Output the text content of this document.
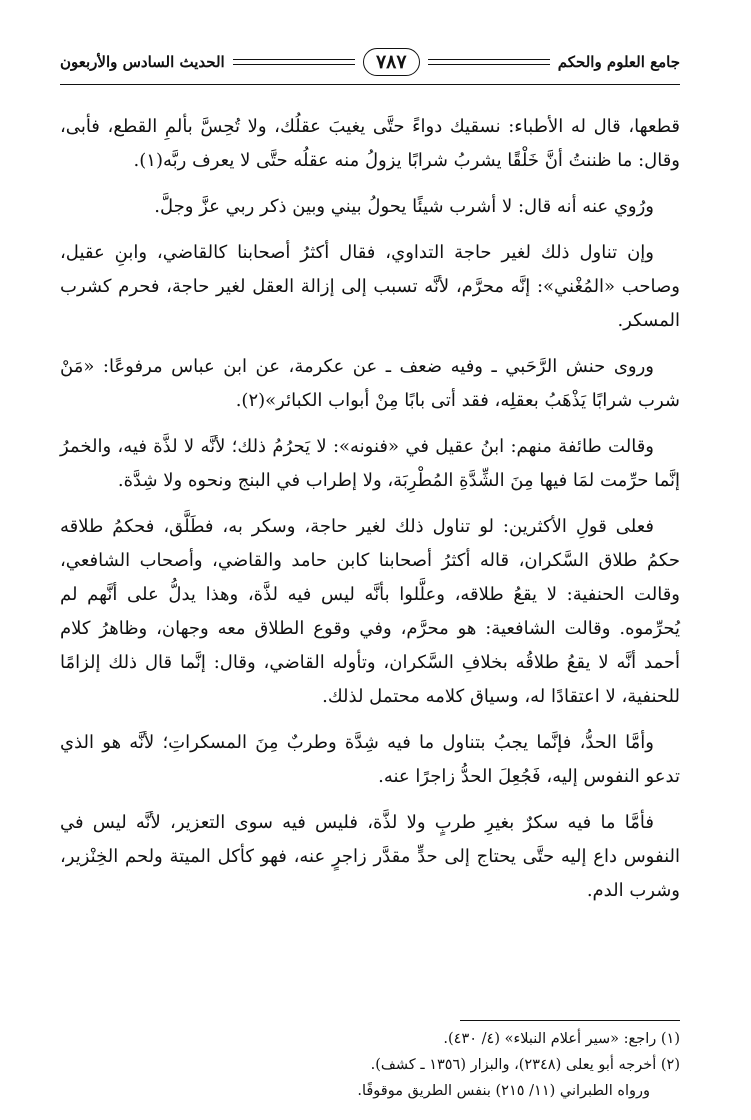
جامع العلوم والحكم
٧٨٧
الحديث السادس والأربعون

قطعها، قال له الأطباء: نسقيك دواءً حتَّى يغيبَ عقلُك، ولا تُحِسَّ بألمِ القطع، فأبى، وقال: ما ظننتُ أنَّ خَلْقًا يشربُ شرابًا يزولُ منه عقلُه حتَّى لا يعرف ربَّه(١).

ورُوي عنه أنه قال: لا أشرب شيئًا يحولُ بيني وبين ذكر ربي عزَّ وجلَّ.

وإن تناول ذلك لغير حاجة التداوي، فقال أكثرُ أصحابنا كالقاضي، وابنِ عقيل، وصاحب «المُغْني»: إنَّه محرَّم، لأنَّه تسبب إلى إزالة العقل لغير حاجة، فحرم كشرب المسكر.

وروى حنش الرَّحَبي ـ وفيه ضعف ـ عن عكرمة، عن ابن عباس مرفوعًا: «مَنْ شرب شرابًا يَذْهَبُ بعقلِه، فقد أتى بابًا مِنْ أبواب الكبائر»(٢).

وقالت طائفة منهم: ابنُ عقيل في «فنونه»: لا يَحرُمُ ذلك؛ لأنَّه لا لذَّة فيه، والخمرُ إنَّما حرِّمت لمَا فيها مِنَ الشِّدَّةِ المُطْرِبَة، ولا إطراب في البنج ونحوه ولا شِدَّة.

فعلى قولِ الأكثرين: لو تناول ذلك لغير حاجة، وسكر به، فطَلَّق، فحكمُ طلاقه حكمُ طلاق السَّكران، قاله أكثرُ أصحابنا كابن حامد والقاضي، وأصحاب الشافعي، وقالت الحنفية: لا يقعُ طلاقه، وعلَّلوا بأنَّه ليس فيه لذَّة، وهذا يدلُّ على أنَّهم لم يُحرِّموه. وقالت الشافعية: هو محرَّم، وفي وقوع الطلاق معه وجهان، وظاهرُ كلام أحمد أنَّه لا يقعُ طلاقُه بخلافِ السَّكران، وتأوله القاضي، وقال: إنَّما قال ذلك إلزامًا للحنفية، لا اعتقادًا له، وسياق كلامه محتمل لذلك.

وأمَّا الحدُّ، فإنَّما يجبُ بتناول ما فيه شِدَّة وطربٌ مِنَ المسكراتِ؛ لأنَّه هو الذي تدعو النفوس إليه، فَجُعِلَ الحدُّ زاجرًا عنه.

فأمَّا ما فيه سكرٌ بغيرِ طربٍ ولا لذَّة، فليس فيه سوى التعزير، لأنَّه ليس في النفوس داع إليه حتَّى يحتاج إلى حدٍّ مقدَّر زاجرٍ عنه، فهو كأكل الميتة ولحم الخِنْزير، وشرب الدم.

(١) راجع: «سير أعلام النبلاء» (٤/ ٤٣٠).
(٢) أخرجه أبو يعلى (٢٣٤٨)، والبزار (١٣٥٦ ـ كشف).
ورواه الطبراني (١١/ ٢١٥) بنفس الطريق موقوفًا.
